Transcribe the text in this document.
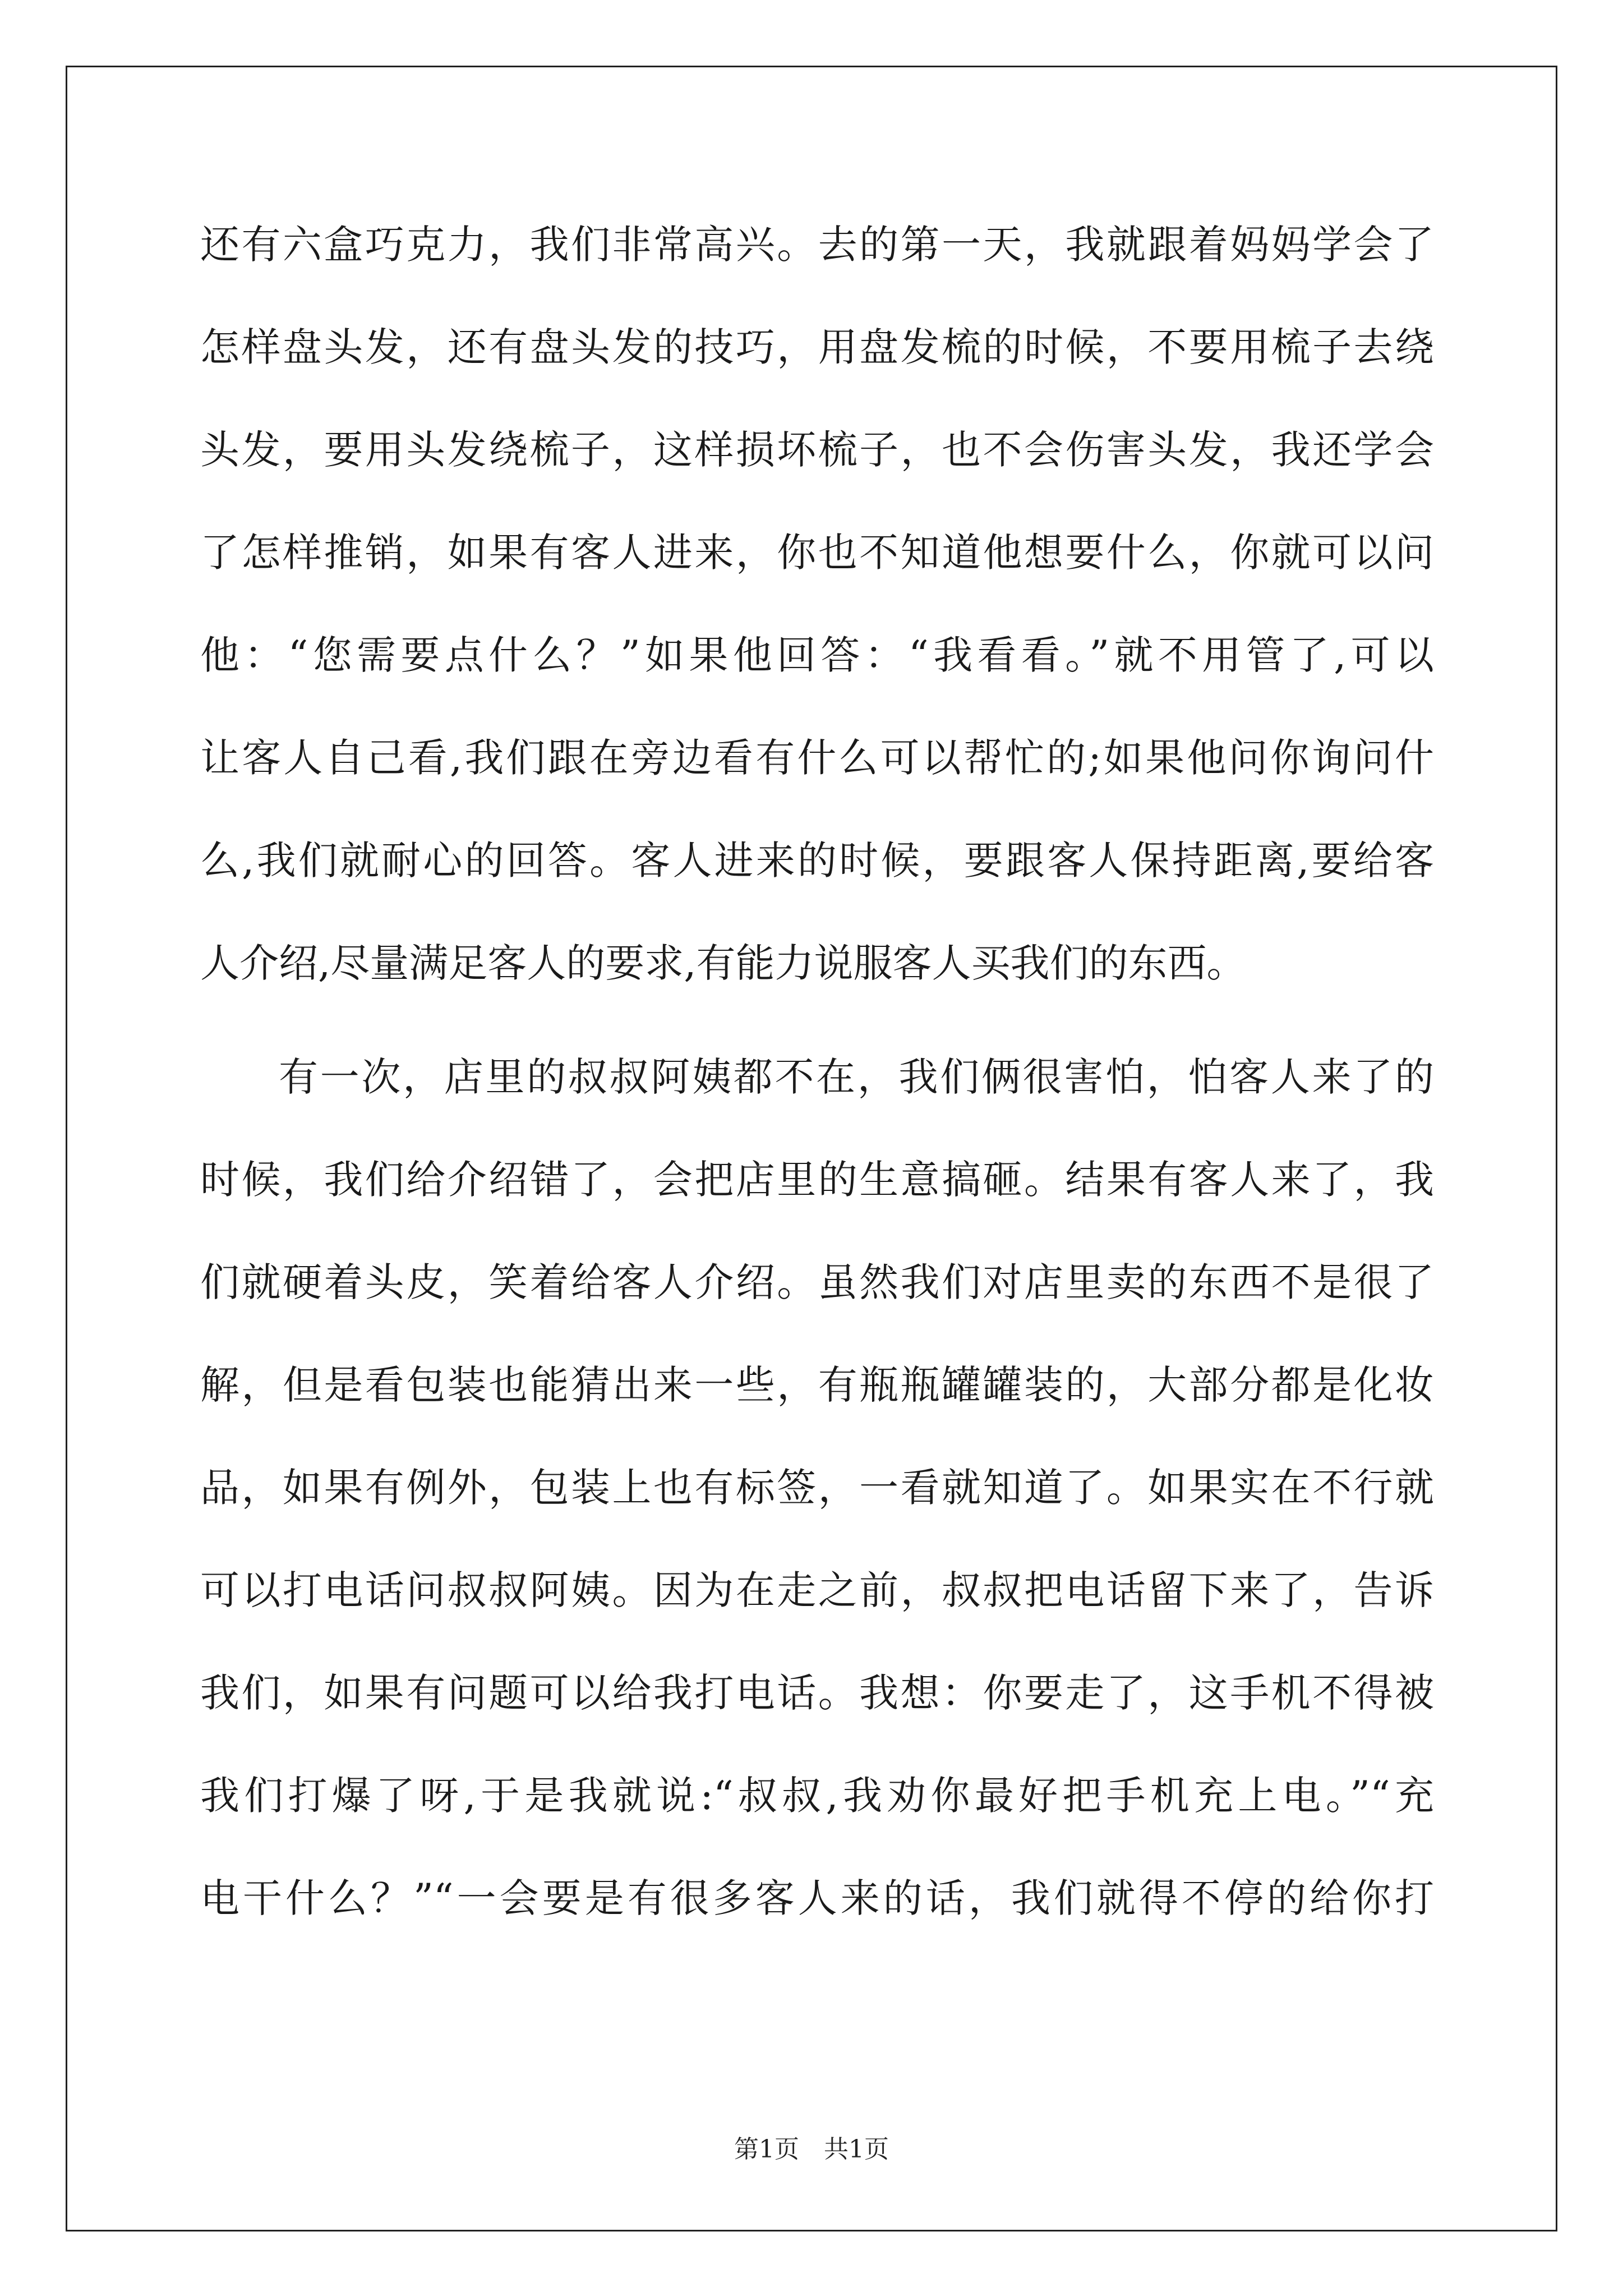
还有六盒巧克力，我们非常高兴。去的第一天，我就跟着妈妈学会了
怎样盘头发，还有盘头发的技巧，用盘发梳的时候，不要用梳子去绕
头发，要用头发绕梳子，这样损坏梳子，也不会伤害头发，我还学会
了怎样推销，如果有客人进来，你也不知道他想要什么，你就可以问
他：“您需要点什么？”如果他回答：“我看看。”就不用管了,可以
让客人自己看,我们跟在旁边看有什么可以帮忙的;如果他问你询问什
么,我们就耐心的回答。客人进来的时候，要跟客人保持距离,要给客
人介绍,尽量满足客人的要求,有能力说服客人买我们的东西。
有一次，店里的叔叔阿姨都不在，我们俩很害怕，怕客人来了的
时候，我们给介绍错了，会把店里的生意搞砸。结果有客人来了，我
们就硬着头皮，笑着给客人介绍。虽然我们对店里卖的东西不是很了
解，但是看包装也能猜出来一些，有瓶瓶罐罐装的，大部分都是化妆
品，如果有例外，包装上也有标签，一看就知道了。如果实在不行就
可以打电话问叔叔阿姨。因为在走之前，叔叔把电话留下来了，告诉
我们，如果有问题可以给我打电话。我想：你要走了，这手机不得被
我们打爆了呀,于是我就说:“叔叔,我劝你最好把手机充上电。”“充
电干什么？”“一会要是有很多客人来的话，我们就得不停的给你打
第1页　共1页
